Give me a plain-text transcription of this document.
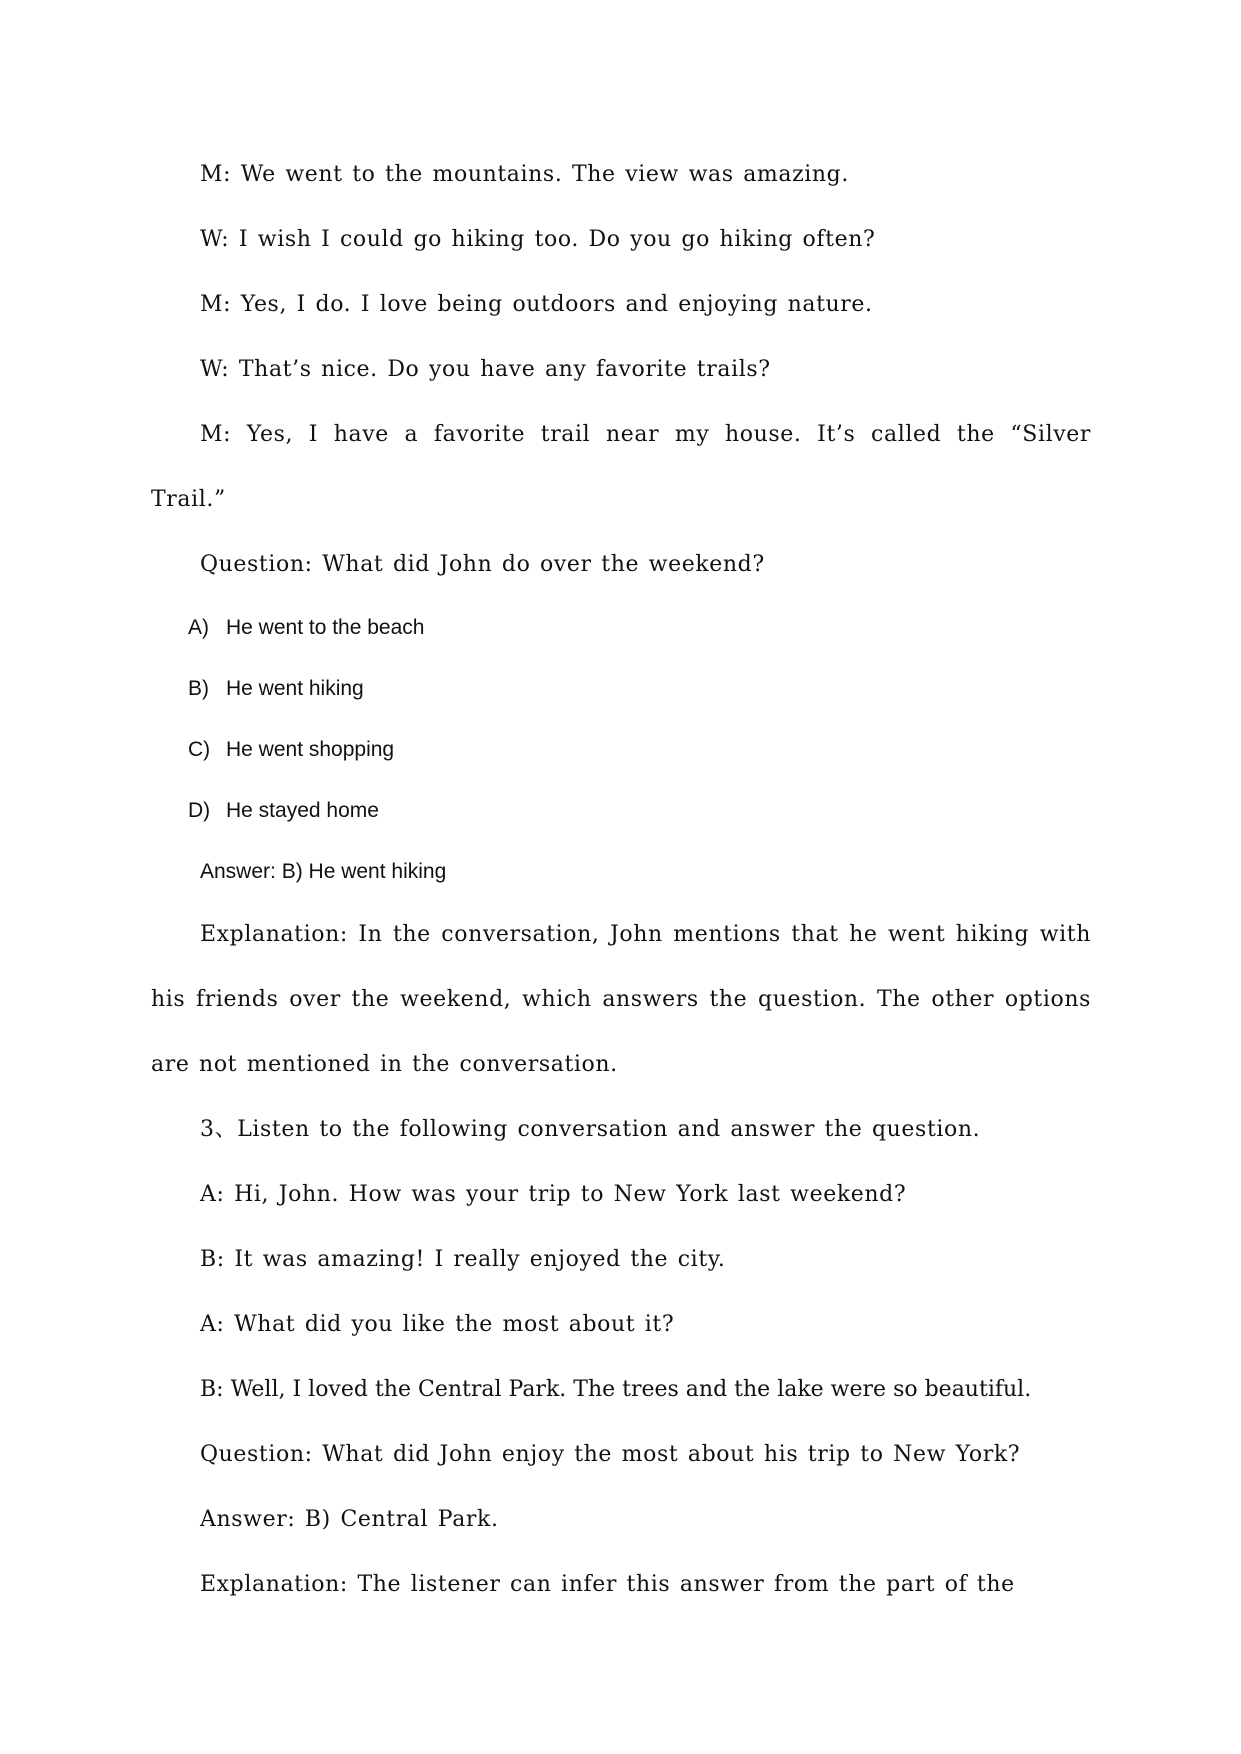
M: We went to the mountains. The view was amazing.

W: I wish I could go hiking too. Do you go hiking often?

M: Yes, I do. I love being outdoors and enjoying nature.

W: That’s nice. Do you have any favorite trails?

M: Yes, I have a favorite trail near my house. It’s called the “Silver Trail.”

Question: What did John do over the weekend?

A) He went to the beach
B) He went hiking
C) He went shopping
D) He stayed home

Answer: B) He went hiking

Explanation: In the conversation, John mentions that he went hiking with his friends over the weekend, which answers the question. The other options are not mentioned in the conversation.

3、Listen to the following conversation and answer the question.

A: Hi, John. How was your trip to New York last weekend?

B: It was amazing! I really enjoyed the city.

A: What did you like the most about it?

B: Well, I loved the Central Park. The trees and the lake were so beautiful.

Question: What did John enjoy the most about his trip to New York?

Answer: B) Central Park.

Explanation: The listener can infer this answer from the part of the
